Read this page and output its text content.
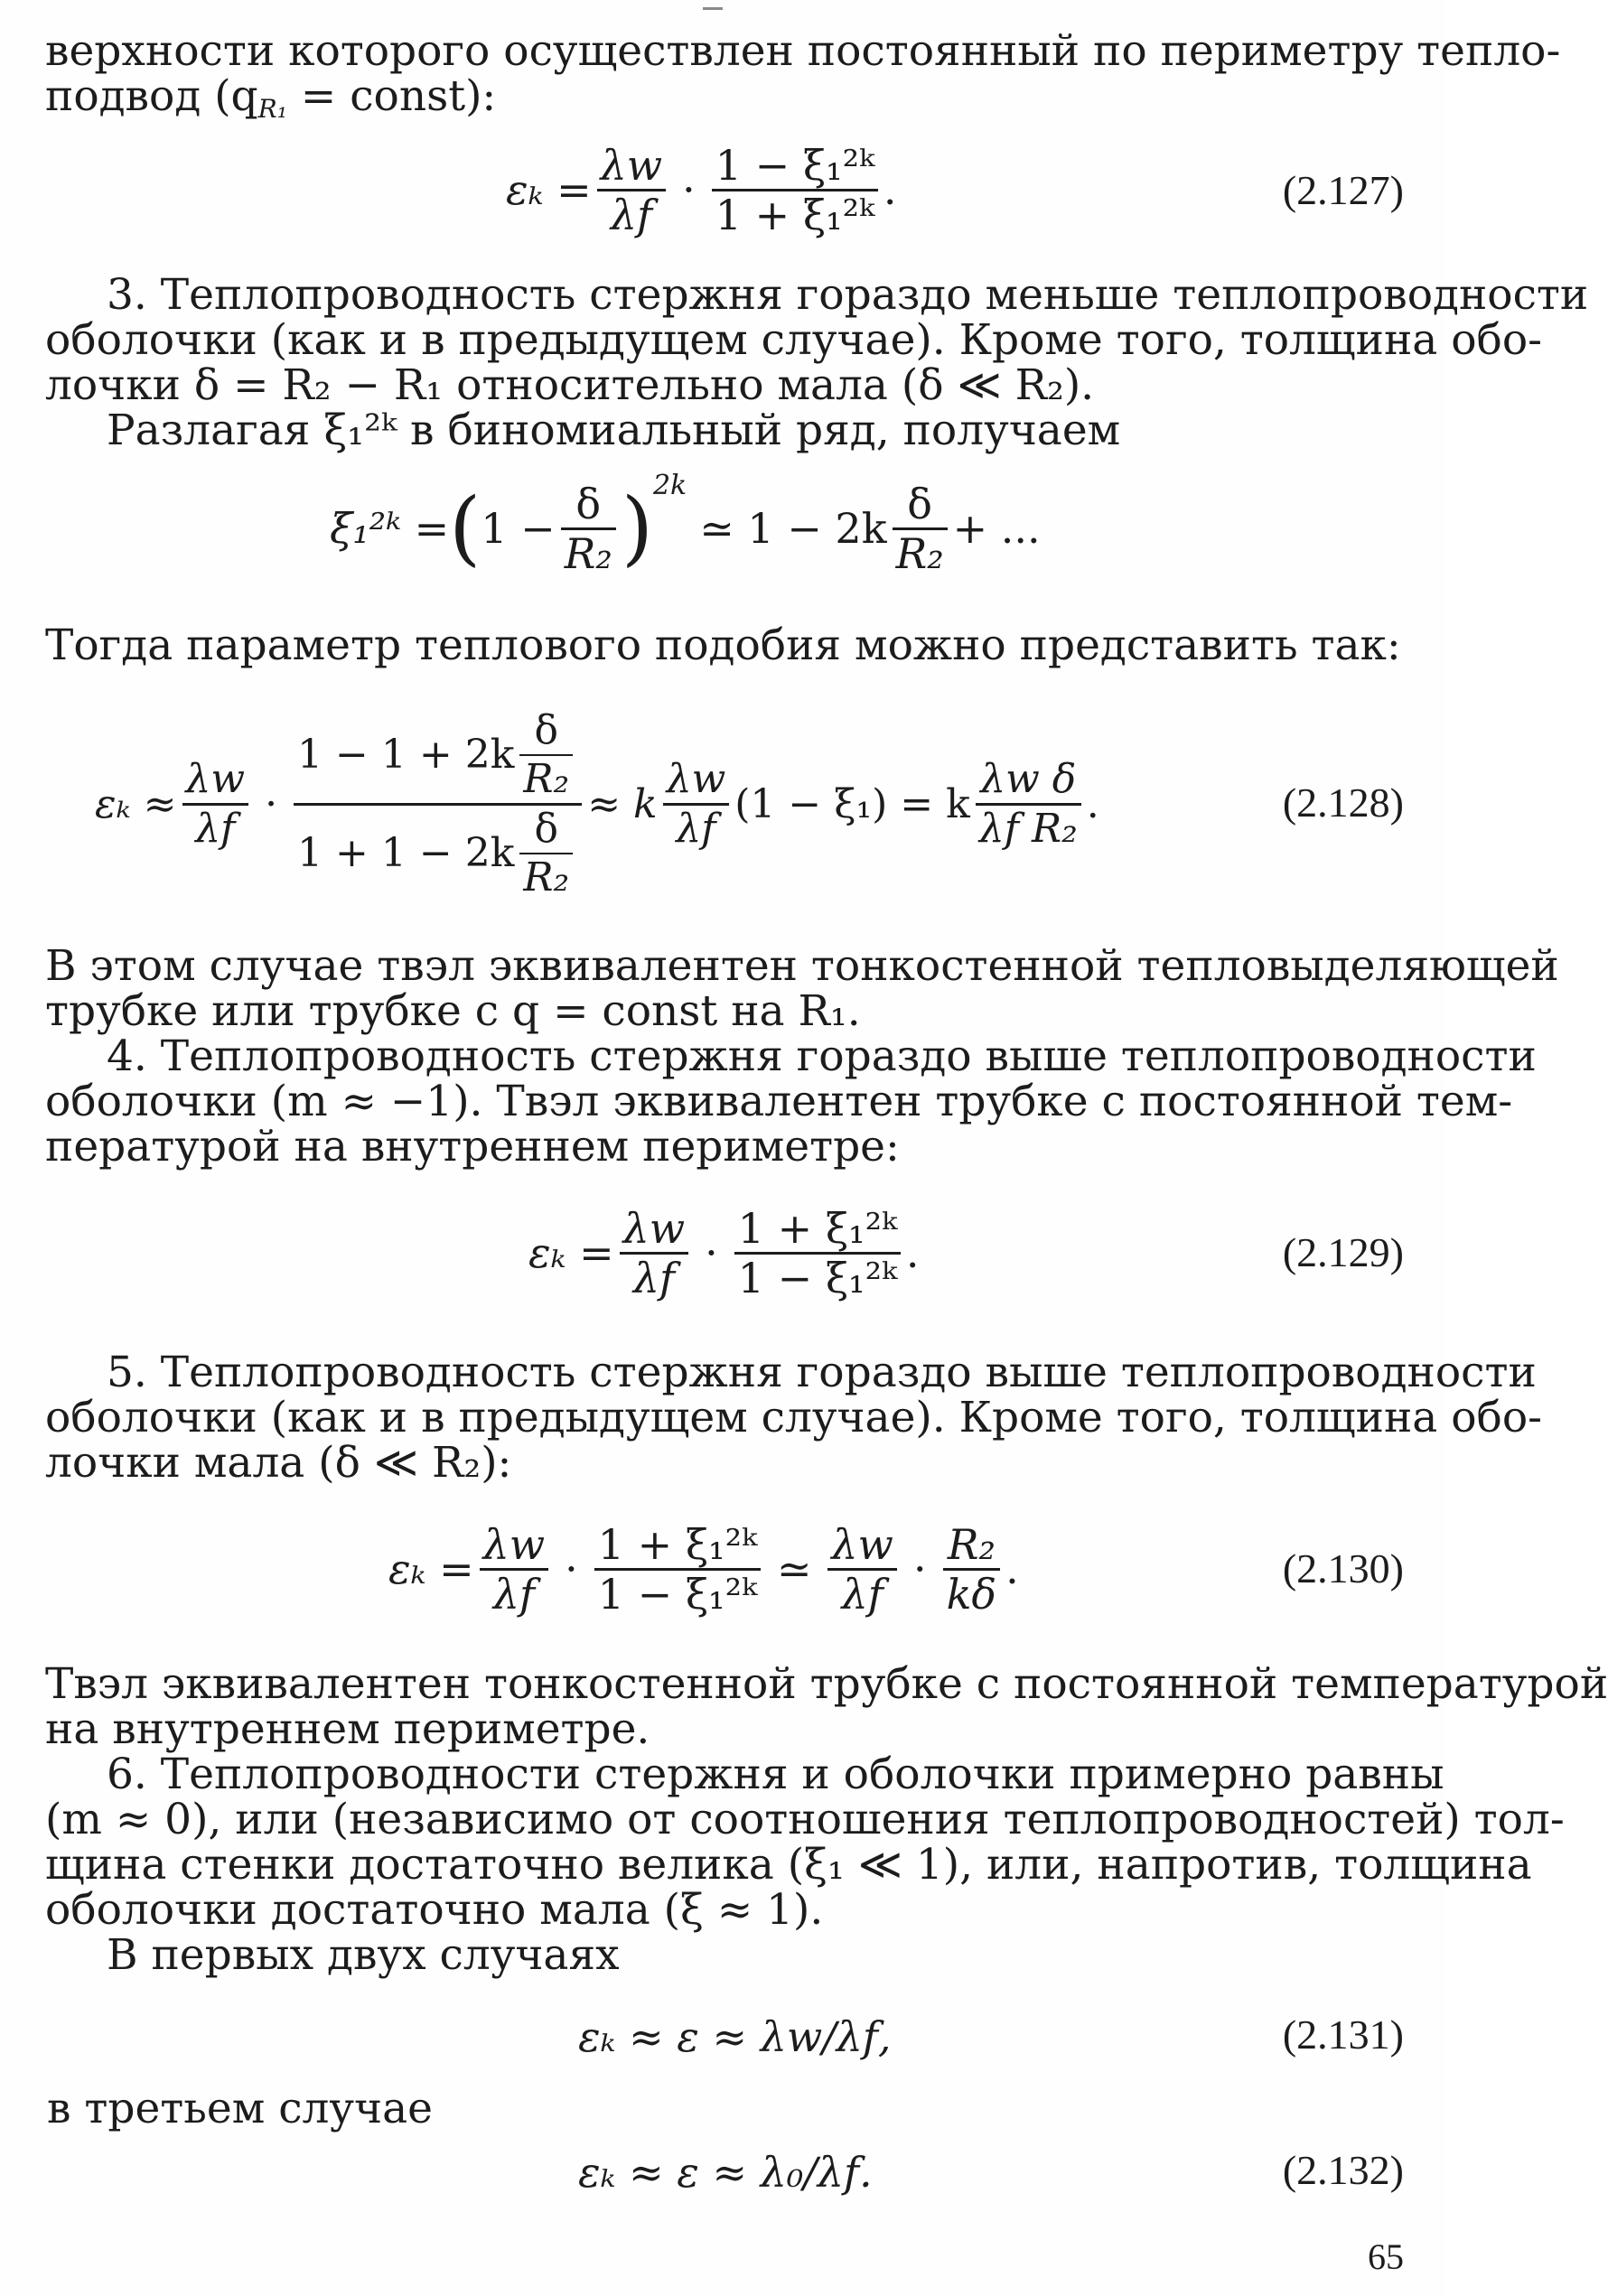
верхности которого осуществлен постоянный по периметру тепло-
подвод (qR₁ = const):
$\varepsilon_k = \frac{\text{λ𝑤}}{\text{λ𝑓}} \cdot \frac{\text{1 − ξ₁²ᵏ}}{\text{1 + ξ₁²ᵏ}}$ .	(2.127)
3. Теплопроводность стержня гораздо меньше теплопроводности
оболочки (как и в предыдущем случае). Кроме того, толщина обо-
лочки δ = R₂ − R₁ относительно мала (δ ≪ R₂).
Разлагая ξ₁²ᵏ в биномиальный ряд, получаем
ξ₁²ᵏ = ( $1 - \frac{\delta}{\text{R₂}}$ ) 2k
≃ $1 - 2k \frac{\delta}{\text{R₂}}$ + ...
Тогда параметр теплового подобия можно представить так:
$\varepsilon_k \approx \frac{\text{λ𝑤}}{\text{λ𝑓}} \cdot \frac{1 - 1 + 2k \frac{\delta}{\text{R₂}}}{1 + 1 - 2k \frac{\delta}{\text{R₂}}} \approx k \frac{\text{λ𝑤}}{\text{λ𝑓}} (1 - \xi_1) = k \frac{\text{λ𝑤 δ}}{\text{λ𝑓 R₂}}$ .	(2.128)
В этом случае твэл эквивалентен тонкостенной тепловыделяющей
трубке или трубке с q = const на R₁.
4. Теплопроводность стержня гораздо выше теплопроводности
оболочки (m ≈ −1). Твэл эквивалентен трубке с постоянной тем-
пературой на внутреннем периметре:
$\varepsilon_k = \frac{\text{λ𝑤}}{\text{λ𝑓}} \cdot \frac{\text{1 + ξ₁²ᵏ}}{\text{1 − ξ₁²ᵏ}}$ .	(2.129)
5. Теплопроводность стержня гораздо выше теплопроводности
оболочки (как и в предыдущем случае). Кроме того, толщина обо-
лочки мала (δ ≪ R₂):
$\varepsilon_k = \frac{\text{λ𝑤}}{\text{λ𝑓}} \cdot \frac{\text{1 + ξ₁²ᵏ}}{\text{1 − ξ₁²ᵏ}}$ ≃ $\frac{\text{λ𝑤}}{\text{λ𝑓}} \cdot \frac{\text{R₂}}{k\delta}$ .	(2.130)
Твэл эквивалентен тонкостенной трубке с постоянной температурой
на внутреннем периметре.
6. Теплопроводности стержня и оболочки примерно равны
(m ≈ 0), или (независимо от соотношения теплопроводностей) тол-
щина стенки достаточно велика (ξ₁ ≪ 1), или, напротив, толщина
оболочки достаточно мала (ξ ≈ 1).
В первых двух случаях
εₖ ≈ ε ≈ λ𝑤/λ𝑓,	(2.131)
в третьем случае
εₖ ≈ ε ≈ λ₀/λ𝑓.	(2.132)
65
